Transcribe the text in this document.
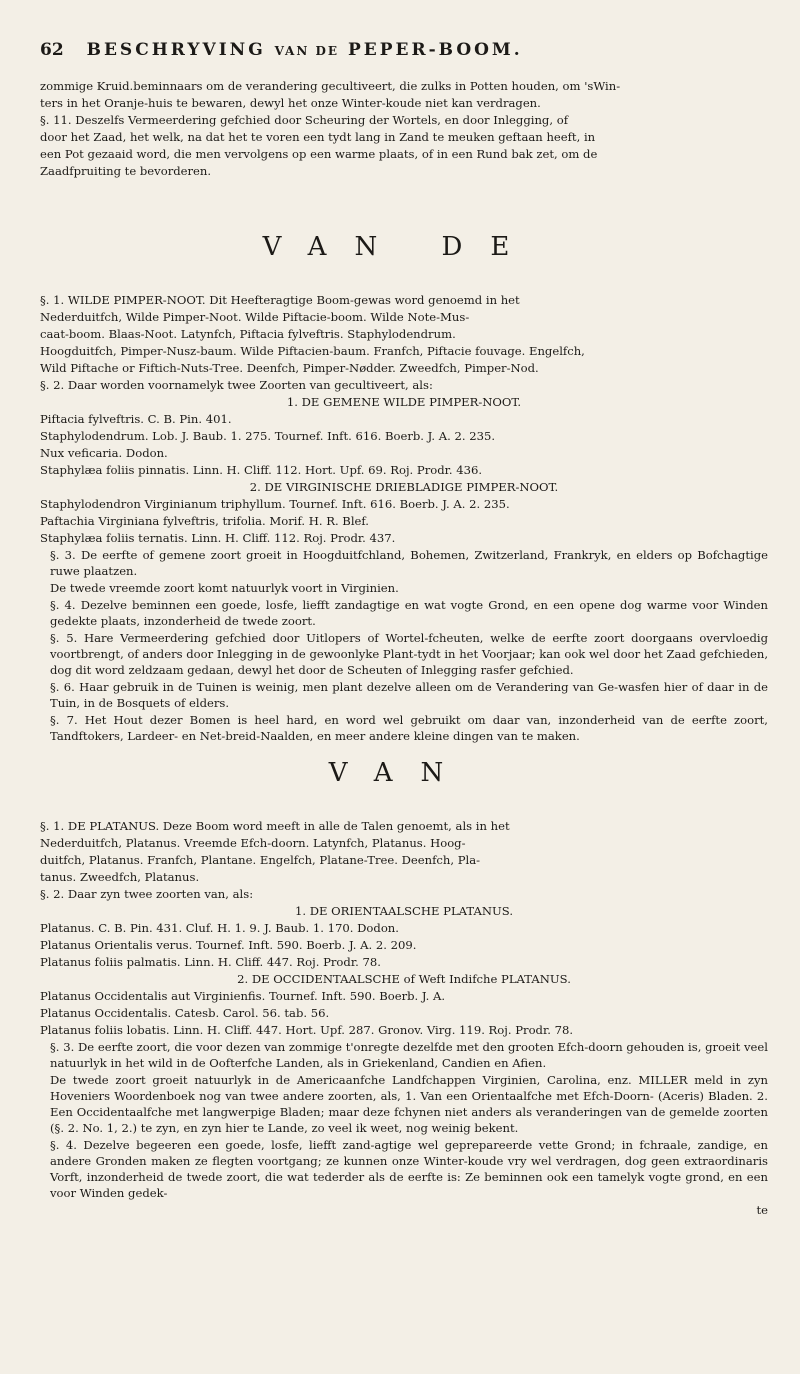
62 BESCHRYVING VAN DE PEPER-BOOM.

zommige Kruid.beminnaars om de verandering gecultiveert, die zulks in Potten houden, om 'sWin-

ters in het Oranje-huis te bewaren, dewyl het onze Winter-koude niet kan verdragen.

§. 11. Deszelfs Vermeerdering gefchied door Scheuring der Wortels, en door Inlegging, of

door het Zaad, het welk, na dat het te voren een tydt lang in Zand te meuken geftaan heeft, in

een Pot gezaaid word, die men vervolgens op een warme plaats, of in een Rund bak zet, om de

Zaadfpruiting te bevorderen.

VAN DE

§. 1. WILDE PIMPER-NOOT. Dit Heefteragtige Boom-gewas word genoemd in het

Nederduitfch, Wilde Pimper-Noot. Wilde Piftacie-boom. Wilde Note-Mus-

caat-boom. Blaas-Noot. Latynfch, Piftacia fylveftris. Staphylodendrum.

Hoogduitfch, Pimper-Nusz-baum. Wilde Piftacien-baum. Franfch, Piftacie fouvage. Engelfch,

Wild Piftache or Fiftich-Nuts-Tree. Deenfch, Pimper-Nødder. Zweedfch, Pimper-Nod.

§. 2. Daar worden voornamelyk twee Zoorten van gecultiveert, als:

1. DE GEMENE WILDE PIMPER-NOOT.

Piftacia fylveftris. C. B. Pin. 401.

Staphylodendrum. Lob. J. Baub. 1. 275. Tournef. Inft. 616. Boerb. J. A. 2. 235.

Nux veficaria. Dodon.

Staphylæa foliis pinnatis. Linn. H. Cliff. 112. Hort. Upf. 69. Roj. Prodr. 436.

2. DE VIRGINISCHE DRIEBLADIGE PIMPER-NOOT.

Staphylodendron Virginianum triphyllum. Tournef. Inft. 616. Boerb. J. A. 2. 235.

Paftachia Virginiana fylveftris, trifolia. Morif. H. R. Blef.

Staphylæa foliis ternatis. Linn. H. Cliff. 112. Roj. Prodr. 437.

§. 3. De eerfte of gemene zoort groeit in Hoogduitfchland, Bohemen, Zwitzerland, Frankryk, en elders op Bofchagtige ruwe plaatzen.

De twede vreemde zoort komt natuurlyk voort in Virginien.

§. 4. Dezelve beminnen een goede, losfe, liefft zandagtige en wat vogte Grond, en een opene dog warme voor Winden gedekte plaats, inzonderheid de twede zoort.

§. 5. Hare Vermeerdering gefchied door Uitlopers of Wortel-fcheuten, welke de eerfte zoort doorgaans overvloedig voortbrengt, of anders door Inlegging in de gewoonlyke Plant-tydt in het Voorjaar; kan ook wel door het Zaad gefchieden, dog dit word zeldzaam gedaan, dewyl het door de Scheuten of Inlegging rasfer gefchied.

§. 6. Haar gebruik in de Tuinen is weinig, men plant dezelve alleen om de Verandering van Ge-wasfen hier of daar in de Tuin, in de Bosquets of elders.

§. 7. Het Hout dezer Bomen is heel hard, en word wel gebruikt om daar van, inzonderheid van de eerfte zoort, Tandftokers, Lardeer- en Net-breid-Naalden, en meer andere kleine dingen van te maken.

VAN

§. 1. DE PLATANUS. Deze Boom word meeft in alle de Talen genoemt, als in het

Nederduitfch, Platanus. Vreemde Efch-doorn. Latynfch, Platanus. Hoog-

duitfch, Platanus. Franfch, Plantane. Engelfch, Platane-Tree. Deenfch, Pla-

tanus. Zweedfch, Platanus.

§. 2. Daar zyn twee zoorten van, als:

1. DE ORIENTAALSCHE PLATANUS.

Platanus. C. B. Pin. 431. Cluf. H. 1. 9. J. Baub. 1. 170. Dodon.

Platanus Orientalis verus. Tournef. Inft. 590. Boerb. J. A. 2. 209.

Platanus foliis palmatis. Linn. H. Cliff. 447. Roj. Prodr. 78.

2. DE OCCIDENTAALSCHE of Weft Indifche PLATANUS.

Platanus Occidentalis aut Virginienfis. Tournef. Inft. 590. Boerb. J. A.

Platanus Occidentalis. Catesb. Carol. 56. tab. 56.

Platanus foliis lobatis. Linn. H. Cliff. 447. Hort. Upf. 287. Gronov. Virg. 119. Roj. Prodr. 78.

§. 3. De eerfte zoort, die voor dezen van zommige t'onregte dezelfde met den grooten Efch-doorn gehouden is, groeit veel natuurlyk in het wild in de Oofterfche Landen, als in Griekenland, Candien en Afien.

De twede zoort groeit natuurlyk in de Americaanfche Landfchappen Virginien, Carolina, enz. MILLER meld in zyn Hoveniers Woordenboek nog van twee andere zoorten, als, 1. Van een Orientaalfche met Efch-Doorn- (Aceris) Bladen. 2. Een Occidentaalfche met langwerpige Bladen; maar deze fchynen niet anders als veranderingen van de gemelde zoorten (§. 2. No. 1, 2.) te zyn, en zyn hier te Lande, zo veel ik weet, nog weinig bekent.

§. 4. Dezelve begeeren een goede, losfe, liefft zand-agtige wel geprepareerde vette Grond; in fchraale, zandige, en andere Gronden maken ze flegten voortgang; ze kunnen onze Winter-koude vry wel verdragen, dog geen extraordinaris Vorft, inzonderheid de twede zoort, die wat tederder als de eerfte is: Ze beminnen ook een tamelyk vogte grond, en een voor Winden gedek-

te
